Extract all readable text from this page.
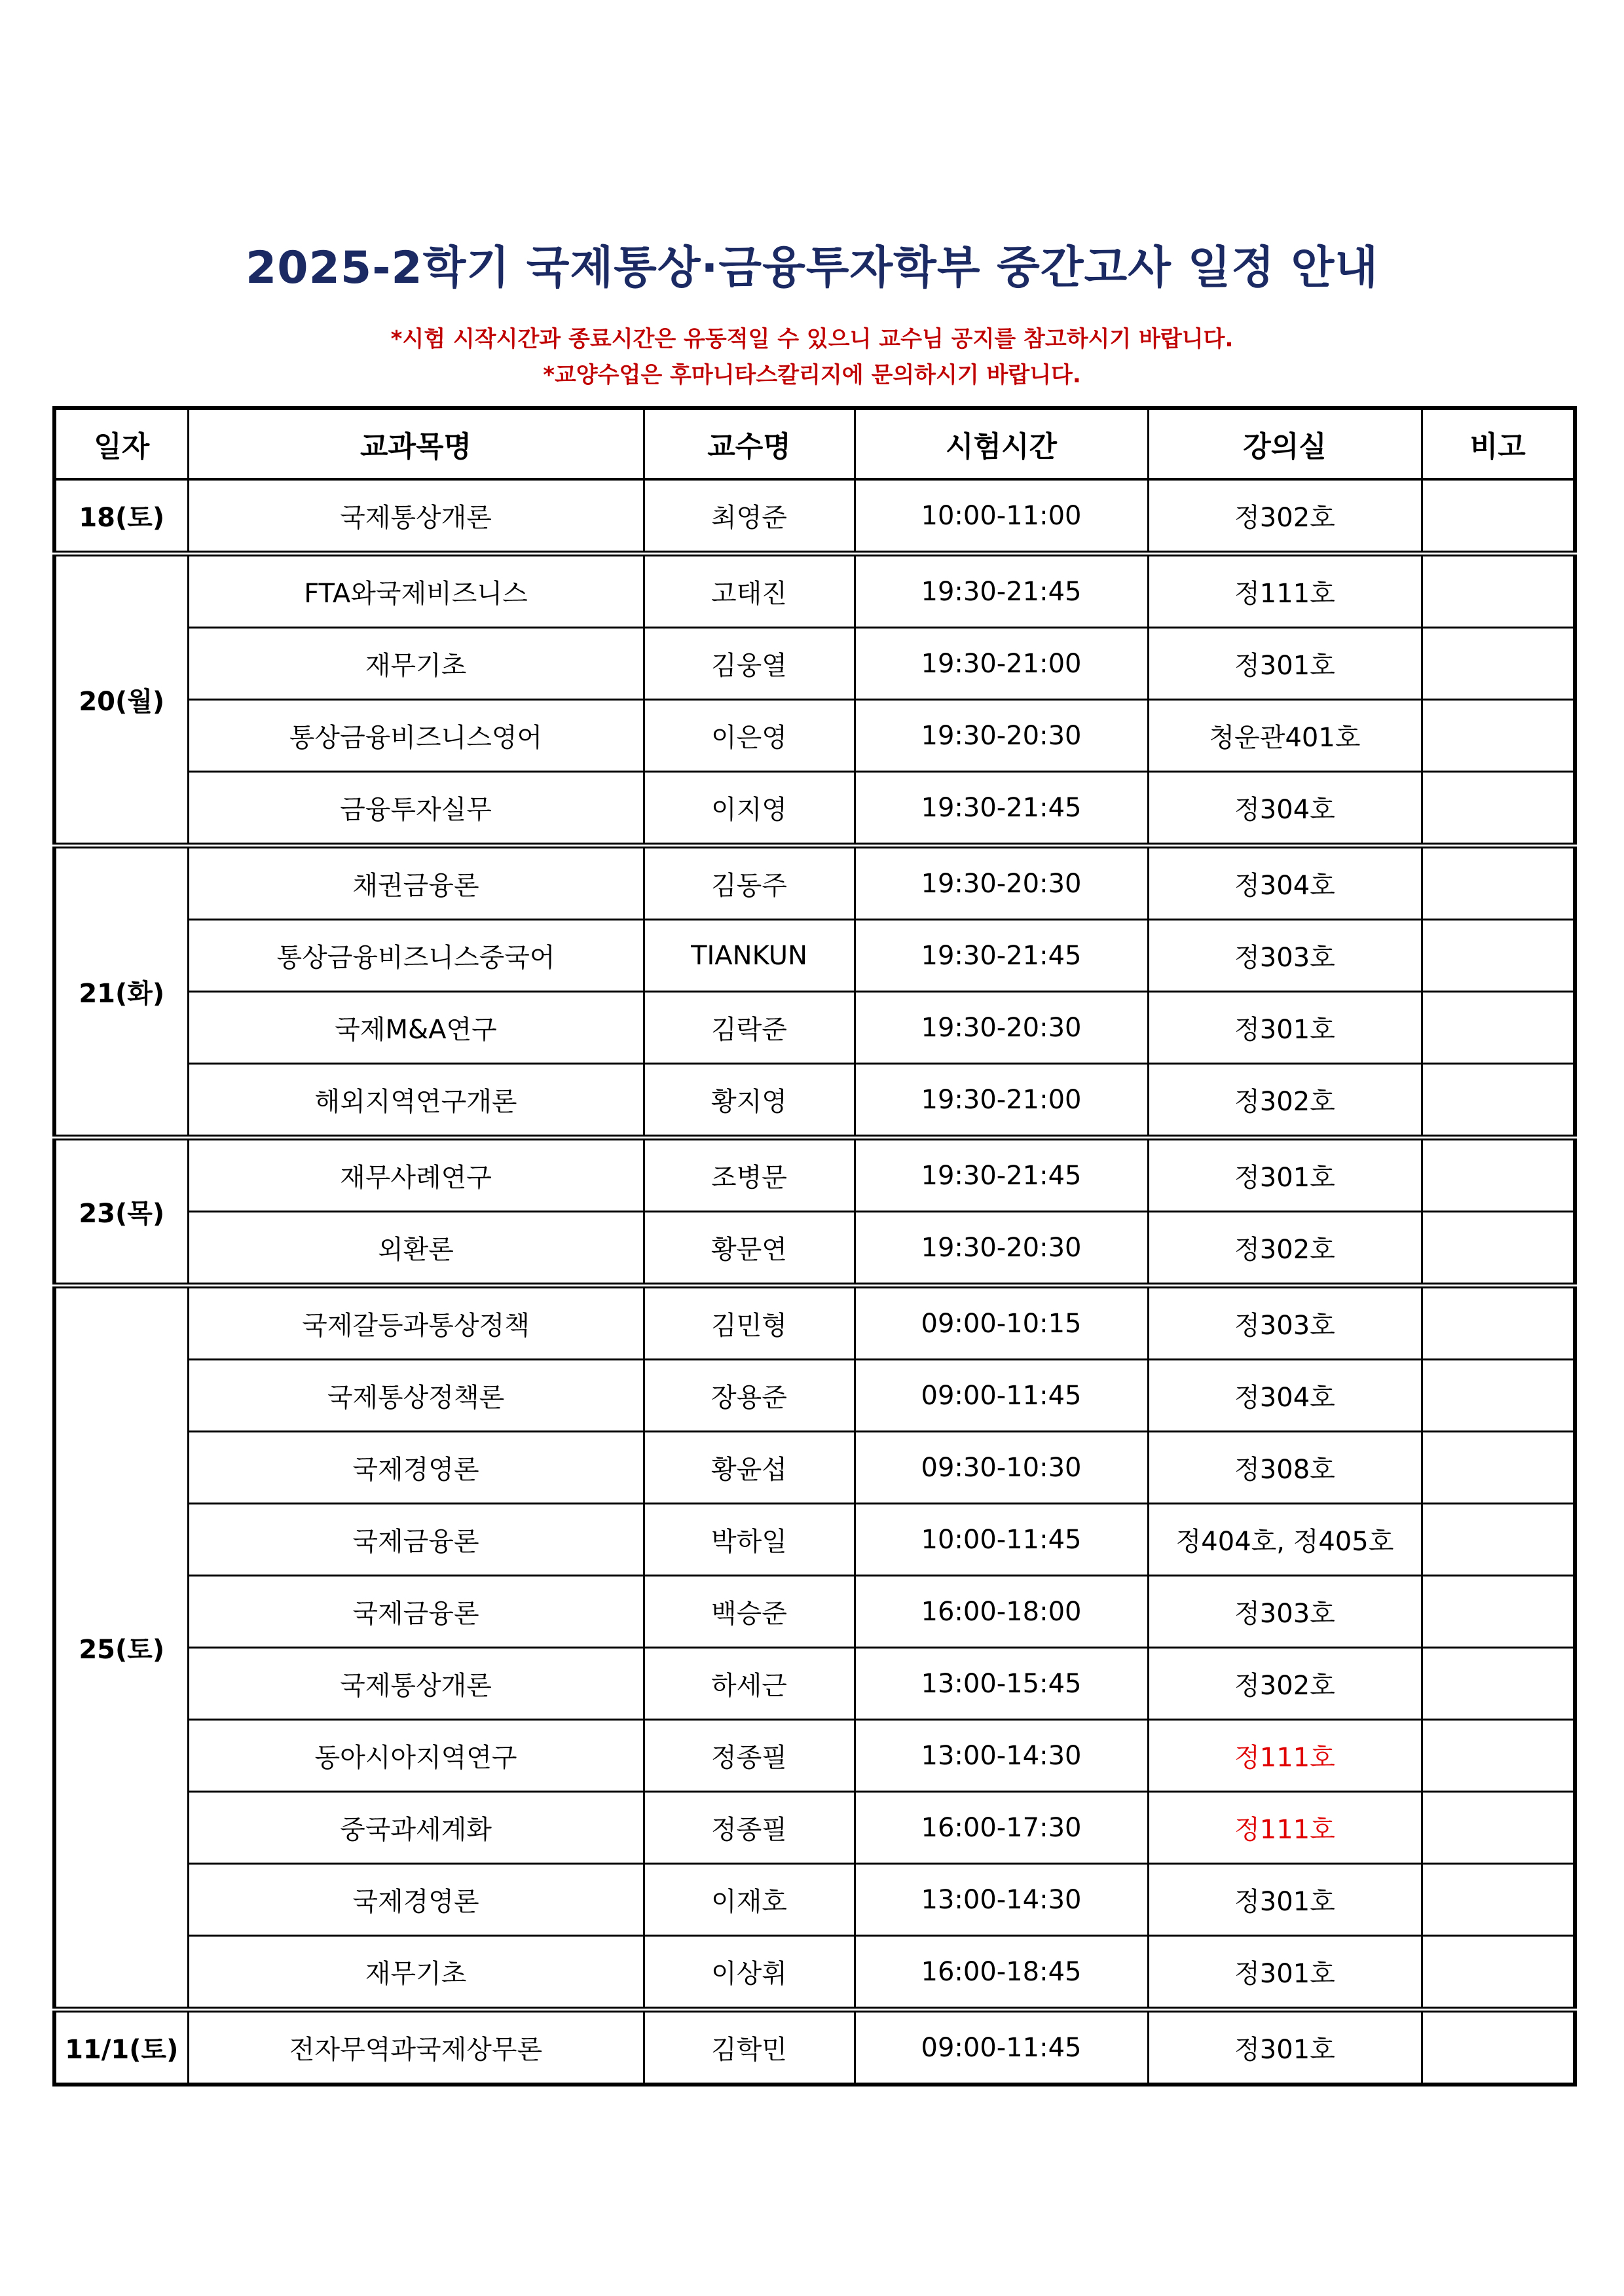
2025-2학기 국제통상·금융투자학부 중간고사 일정 안내
*시험 시작시간과 종료시간은 유동적일 수 있으니 교수님 공지를 참고하시기 바랍니다.
*교양수업은 후마니타스칼리지에 문의하시기 바랍니다.
일자	교과목명	교수명	시험시간	강의실	비고
18(토)	국제통상개론	최영준	10:00-11:00	정302호	
20(월)	FTA와국제비즈니스	고태진	19:30-21:45	정111호	
	재무기초	김웅열	19:30-21:00	정301호	
	통상금융비즈니스영어	이은영	19:30-20:30	청운관401호	
	금융투자실무	이지영	19:30-21:45	정304호	
21(화)	채권금융론	김동주	19:30-20:30	정304호	
	통상금융비즈니스중국어	TIANKUN	19:30-21:45	정303호	
	국제M&A연구	김락준	19:30-20:30	정301호	
	해외지역연구개론	황지영	19:30-21:00	정302호	
23(목)	재무사례연구	조병문	19:30-21:45	정301호	
	외환론	황문연	19:30-20:30	정302호	
25(토)	국제갈등과통상정책	김민형	09:00-10:15	정303호	
	국제통상정책론	장용준	09:00-11:45	정304호	
	국제경영론	황윤섭	09:30-10:30	정308호	
	국제금융론	박하일	10:00-11:45	정404호, 정405호	
	국제금융론	백승준	16:00-18:00	정303호	
	국제통상개론	하세근	13:00-15:45	정302호	
	동아시아지역연구	정종필	13:00-14:30	정111호	
	중국과세계화	정종필	16:00-17:30	정111호	
	국제경영론	이재호	13:00-14:30	정301호	
	재무기초	이상휘	16:00-18:45	정301호	
11/1(토)	전자무역과국제상무론	김학민	09:00-11:45	정301호	
